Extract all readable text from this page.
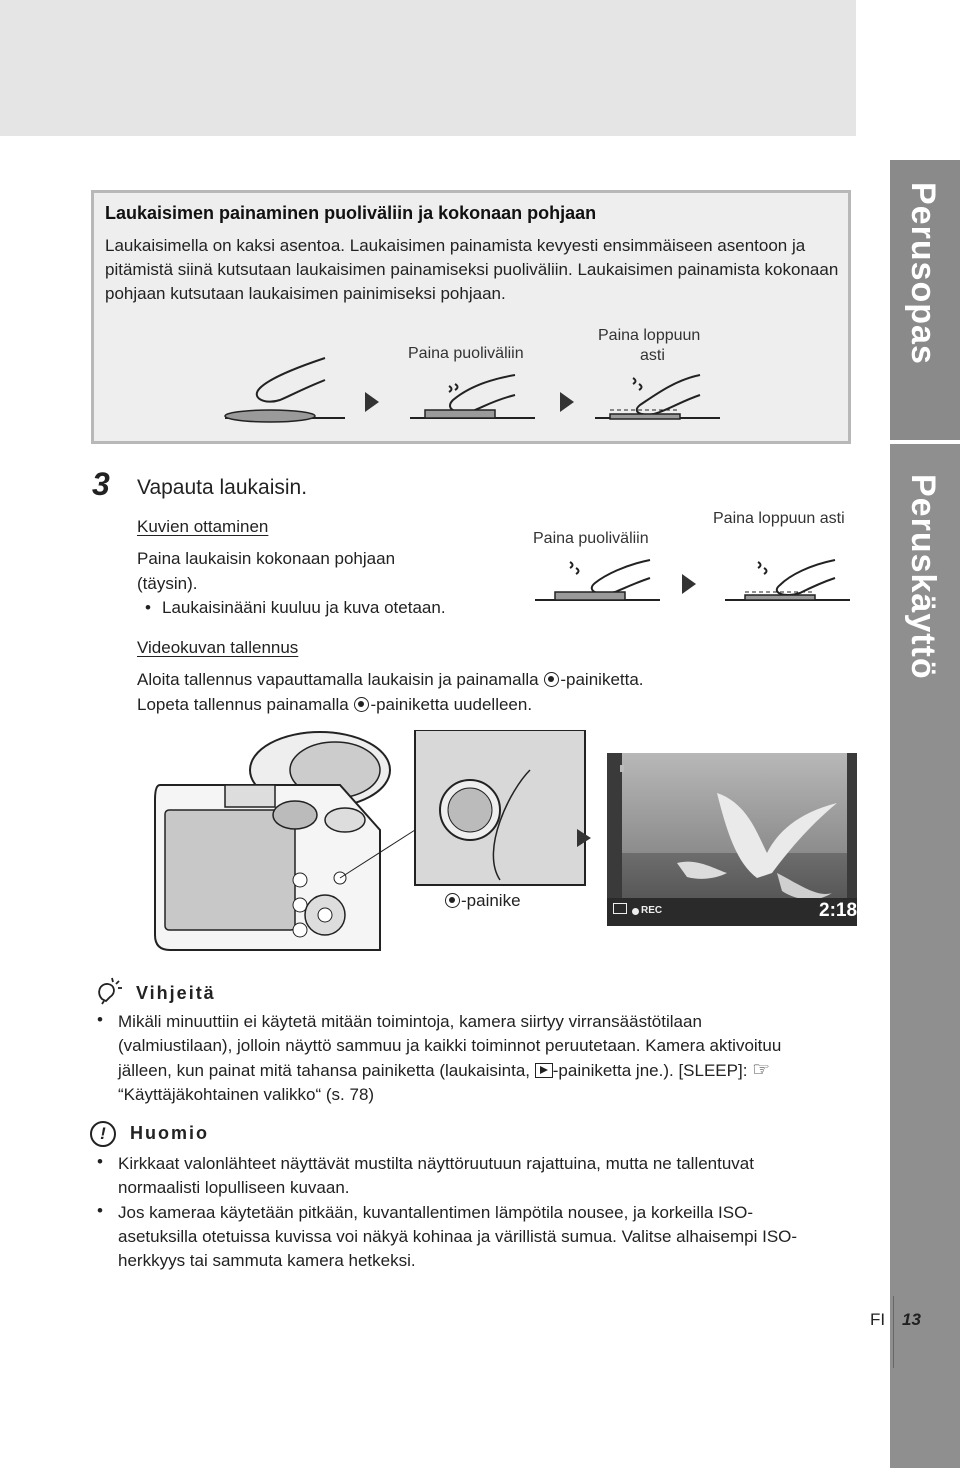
Perusopas
Peruskäyttö
Laukaisimen painaminen puoliväliin ja kokonaan pohjaan
Laukaisimella on kaksi asentoa. Laukaisimen painamista kevyesti ensimmäiseen asentoon ja pitämistä siinä kutsutaan laukaisimen painamiseksi puoliväliin. Laukaisimen painamista kokonaan pohjaan kutsutaan laukaisimen painimiseksi pohjaan.
Paina puoliväliin
Paina loppuun
asti
3 Vapauta laukaisin.
Kuvien ottaminen
Paina laukaisin kokonaan pohjaan
(täysin).
• Laukaisinääni kuuluu ja kuva otetaan.
Paina puoliväliin
Paina loppuun asti
Videokuvan tallennus
Aloita tallennus vapauttamalla laukaisin ja painamalla -painiketta.
Lopeta tallennus painamalla -painiketta uudelleen.
-painike
REC	2:18
Vihjeitä
• Mikäli minuuttiin ei käytetä mitään toimintoja, kamera siirtyy virransäästötilaan (valmiustilaan), jolloin näyttö sammuu ja kaikki toiminnot peruutetaan. Kamera aktivoituu jälleen, kun painat mitä tahansa painiketta (laukaisinta, -painiketta jne.). [SLEEP]: ☞ “Käyttäjäkohtainen valikko“ (s. 78)
!	Huomio
• Kirkkaat valonlähteet näyttävät mustilta näyttöruutuun rajattuina, mutta ne tallentuvat normaalisti lopulliseen kuvaan.
• Jos kameraa käytetään pitkään, kuvantallentimen lämpötila nousee, ja korkeilla ISO-asetuksilla otetuissa kuvissa voi näkyä kohinaa ja värillistä sumua. Valitse alhaisempi ISO-herkkyys tai sammuta kamera hetkeksi.
FI 13
